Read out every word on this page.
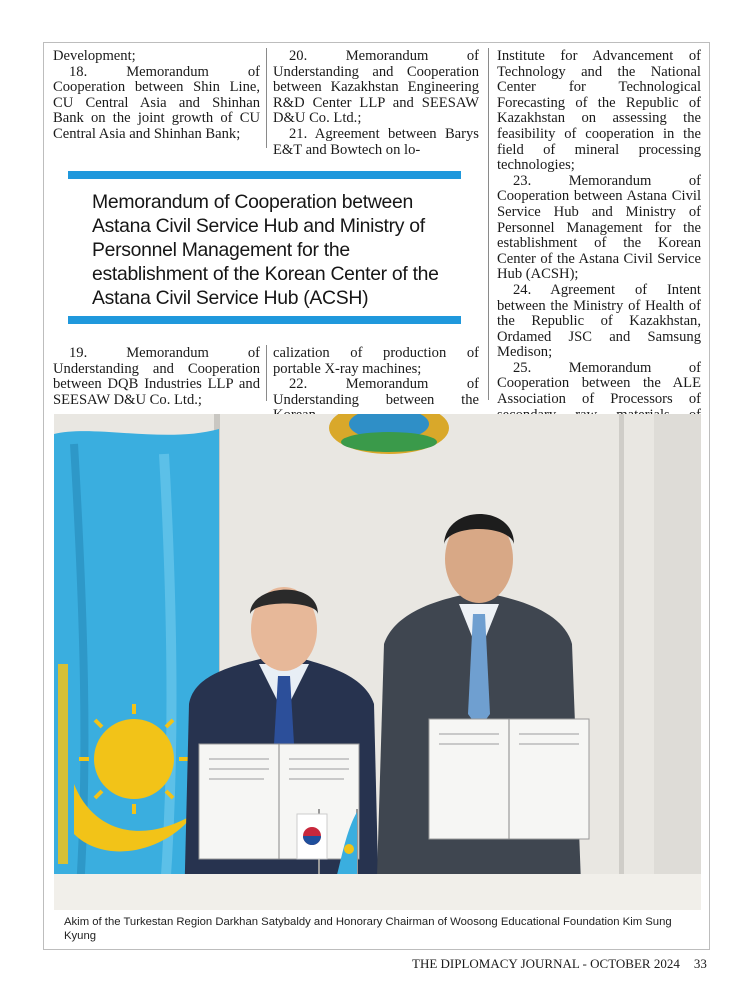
Development;

18. Memorandum of Cooperation between Shin Line, CU Central Asia and Shinhan Bank on the joint growth of CU Central Asia and Shinhan Bank;

20. Memorandum of Understanding and Cooperation between Kazakhstan Engineering R&D Center LLP and SEESAW D&U Co. Ltd.;

21. Agreement between Barys E&T and Bowtech on lo-

Memorandum of Cooperation between Astana Civil Service Hub and Ministry of Personnel Management for the establishment of the Korean Center of the Astana Civil Service Hub (ACSH)

19. Memorandum of Understanding and Cooperation between DQB Industries LLP and SEESAW D&U Co. Ltd.;

calization of production of portable X-ray machines;

22. Memorandum of Understanding between the

Institute for Advancement of Technology and the National Center for Technological Forecasting of the Republic of Kazakhstan on assessing the feasibility of cooperation in the field of mineral processing technologies;

23. Memorandum of Cooperation between Astana Civil Service Hub and Ministry of Personnel Management for the establishment of the Korean Center of the Astana Civil Service Hub (ACSH);

24. Agreement of Intent between the Ministry of Health of the Republic of Kazakhstan, Ordamed JSC and Samsung Medison;

25. Memorandum of Cooperation between the ALE Association of Processors of

Akim of the Turkestan Region Darkhan Satybaldy and Honorary Chairman of Woosong Educational Foundation Kim Sung Kyung
THE DIPLOMACY JOURNAL - OCTOBER 2024 33
